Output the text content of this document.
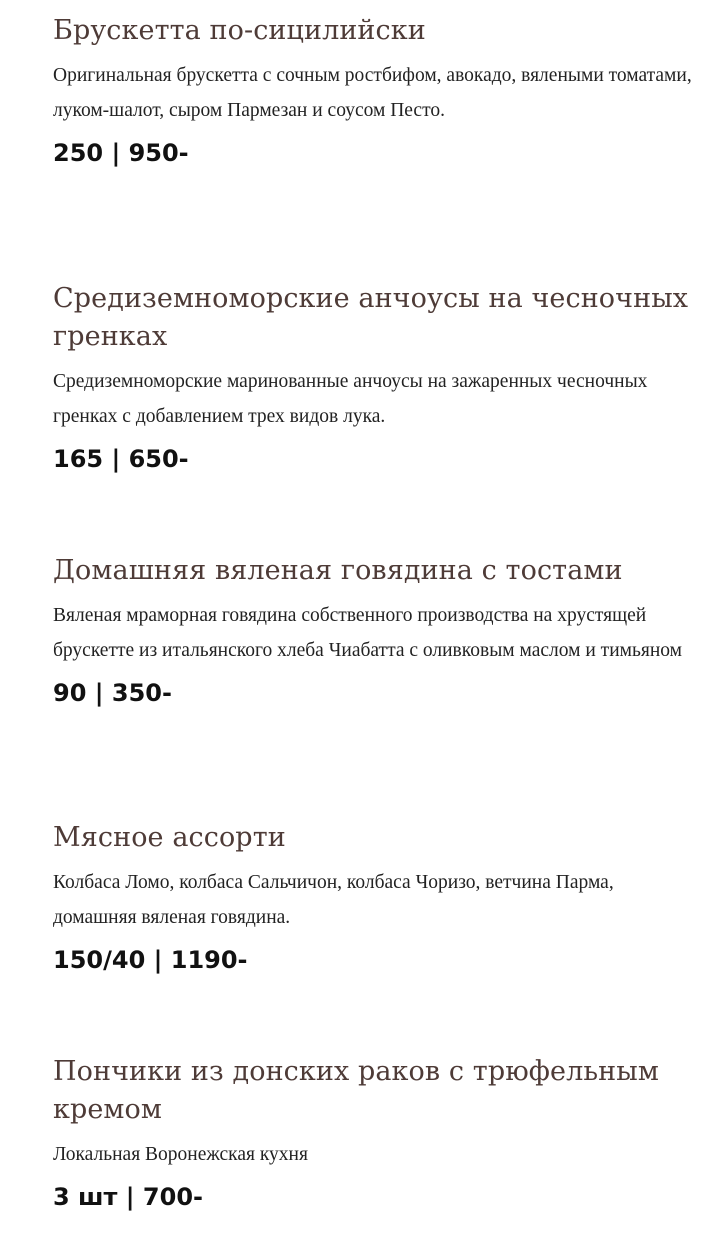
Брускетта по-сицилийски

Оригинальная брускетта с сочным ростбифом, авокадо, вялеными томатами, луком-шалот, сыром Пармезан и соусом Песто.

250 | 950-
Средиземноморские анчоусы на чесночных гренках

Средиземноморские маринованные анчоусы на зажаренных чесночных гренках с добавлением трех видов лука.

165 | 650-
Домашняя вяленая говядина с тостами

Вяленая мраморная говядина собственного производства на хрустящей брускетте из итальянского хлеба Чиабатта с оливковым маслом и тимьяном

90 | 350-
Мясное ассорти

Колбаса Ломо, колбаса Сальчичон, колбаса Чоризо, ветчина Парма, домашняя вяленая говядина.

150/40 | 1190-
Пончики из донских раков с трюфельным кремом

Локальная Воронежская кухня

3 шт | 700-
